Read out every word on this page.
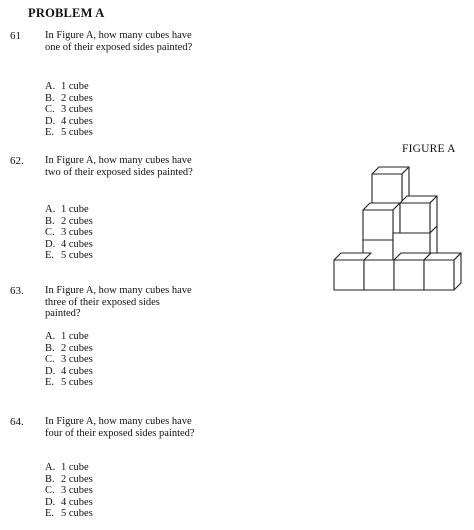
PROBLEM A
61 In Figure A, how many cubes have one of their exposed sides painted?
A. 1 cube
B. 2 cubes
C. 3 cubes
D. 4 cubes
E. 5 cubes
62. In Figure A, how many cubes have two of their exposed sides painted?
A. 1 cube
B. 2 cubes
C. 3 cubes
D. 4 cubes
E. 5 cubes
63. In Figure A, how many cubes have three of their exposed sides painted?
A. 1 cube
B. 2 cubes
C. 3 cubes
D. 4 cubes
E. 5 cubes
64. In Figure A, how many cubes have four of their exposed sides painted?
A. 1 cube
B. 2 cubes
C. 3 cubes
D. 4 cubes
E. 5 cubes
FIGURE A
